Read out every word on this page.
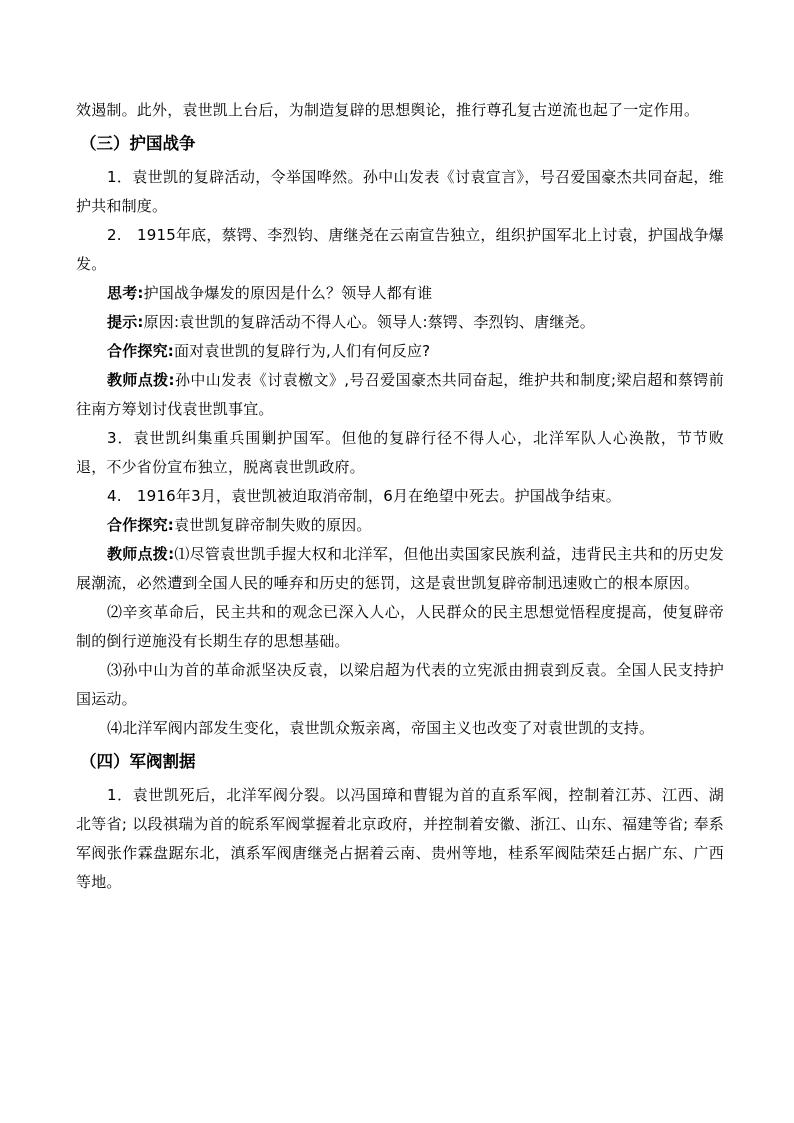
效遏制。此外，袁世凯上台后，为制造复辟的思想舆论，推行尊孔复古逆流也起了一定作用。

（三）护国战争

1．袁世凯的复辟活动，令举国哗然。孙中山发表《讨袁宣言》，号召爱国豪杰共同奋起，维护共和制度。

2.　1915年底，蔡锷、李烈钧、唐继尧在云南宣告独立，组织护国军北上讨袁，护国战争爆发。

思考:护国战争爆发的原因是什么？领导人都有谁

提示:原因:袁世凯的复辟活动不得人心。领导人:蔡锷、李烈钧、唐继尧。

合作探究:面对袁世凯的复辟行为,人们有何反应?

教师点拨:孙中山发表《讨袁檄文》,号召爱国豪杰共同奋起，维护共和制度;梁启超和蔡锷前往南方筹划讨伐袁世凯事宜。

3．袁世凯纠集重兵围剿护国军。但他的复辟行径不得人心，北洋军队人心涣散，节节败退，不少省份宣布独立，脱离袁世凯政府。

4.　1916年3月，袁世凯被迫取消帝制，6月在绝望中死去。护国战争结束。

合作探究:袁世凯复辟帝制失败的原因。

教师点拨:⑴尽管袁世凯手握大权和北洋军，但他出卖国家民族利益，违背民主共和的历史发展潮流，必然遭到全国人民的唾弃和历史的惩罚，这是袁世凯复辟帝制迅速败亡的根本原因。

⑵辛亥革命后，民主共和的观念已深入人心，人民群众的民主思想觉悟程度提高，使复辟帝制的倒行逆施没有长期生存的思想基础。

⑶孙中山为首的革命派坚决反袁，以梁启超为代表的立宪派由拥袁到反袁。全国人民支持护国运动。

⑷北洋军阀内部发生变化，袁世凯众叛亲离，帝国主义也改变了对袁世凯的支持。

（四）军阀割据

1．袁世凯死后，北洋军阀分裂。以冯国璋和曹锟为首的直系军阀，控制着江苏、江西、湖北等省; 以段祺瑞为首的皖系军阀掌握着北京政府，并控制着安徽、浙江、山东、福建等省; 奉系军阀张作霖盘踞东北，滇系军阀唐继尧占据着云南、贵州等地，桂系军阀陆荣廷占据广东、广西等地。
